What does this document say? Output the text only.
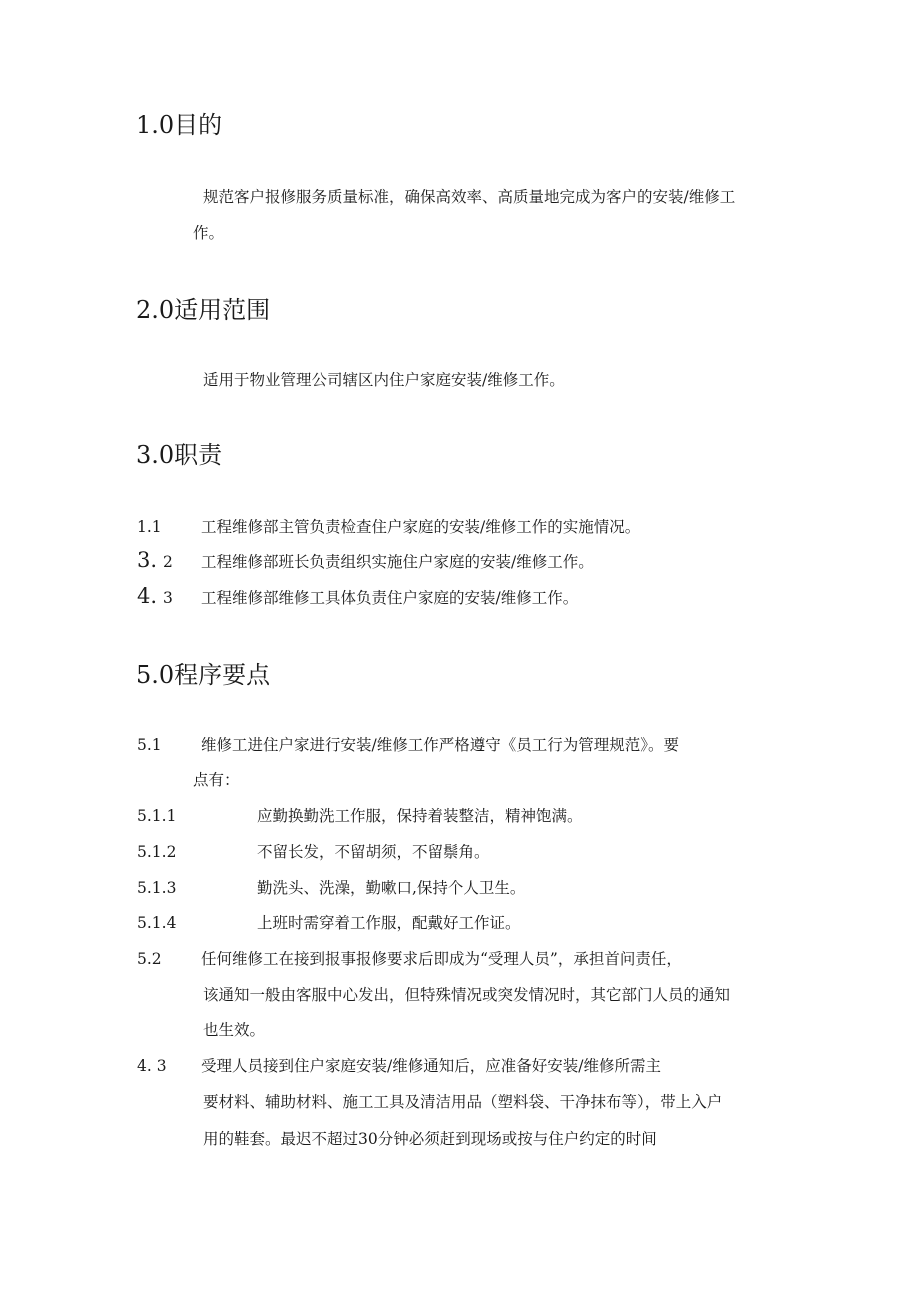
1.0目的
规范客户报修服务质量标准，确保高效率、高质量地完成为客户的安装/维修工
作。
2.0适用范围
适用于物业管理公司辖区内住户家庭安装/维修工作。
3.0职责
1.1	工程维修部主管负责检查住户家庭的安装/维修工作的实施情况。
3. 2 工程维修部班长负责组织实施住户家庭的安装/维修工作。
4. 3 工程维修部维修工具体负责住户家庭的安装/维修工作。
5.0程序要点
5.1	维修工进住户家进行安装/维修工作严格遵守《员工行为管理规范》。要
点有：
5.1.1	应勤换勤洗工作服，保持着装整洁，精神饱满。
5.1.2	不留长发，不留胡须，不留鬃角。
5.1.3	勤洗头、洗澡，勤嗽口,保持个人卫生。
5.1.4	上班时需穿着工作服，配戴好工作证。
5.2	任何维修工在接到报事报修要求后即成为“受理人员”，承担首问责任，
该通知一般由客服中心发出，但特殊情况或突发情况时，其它部门人员的通知
也生效。
4. 3 受理人员接到住户家庭安装/维修通知后，应准备好安装/维修所需主
要材料、辅助材料、施工工具及清洁用品（塑料袋、干净抹布等），带上入户
用的鞋套。最迟不超过30分钟必须赶到现场或按与住户约定的时间
